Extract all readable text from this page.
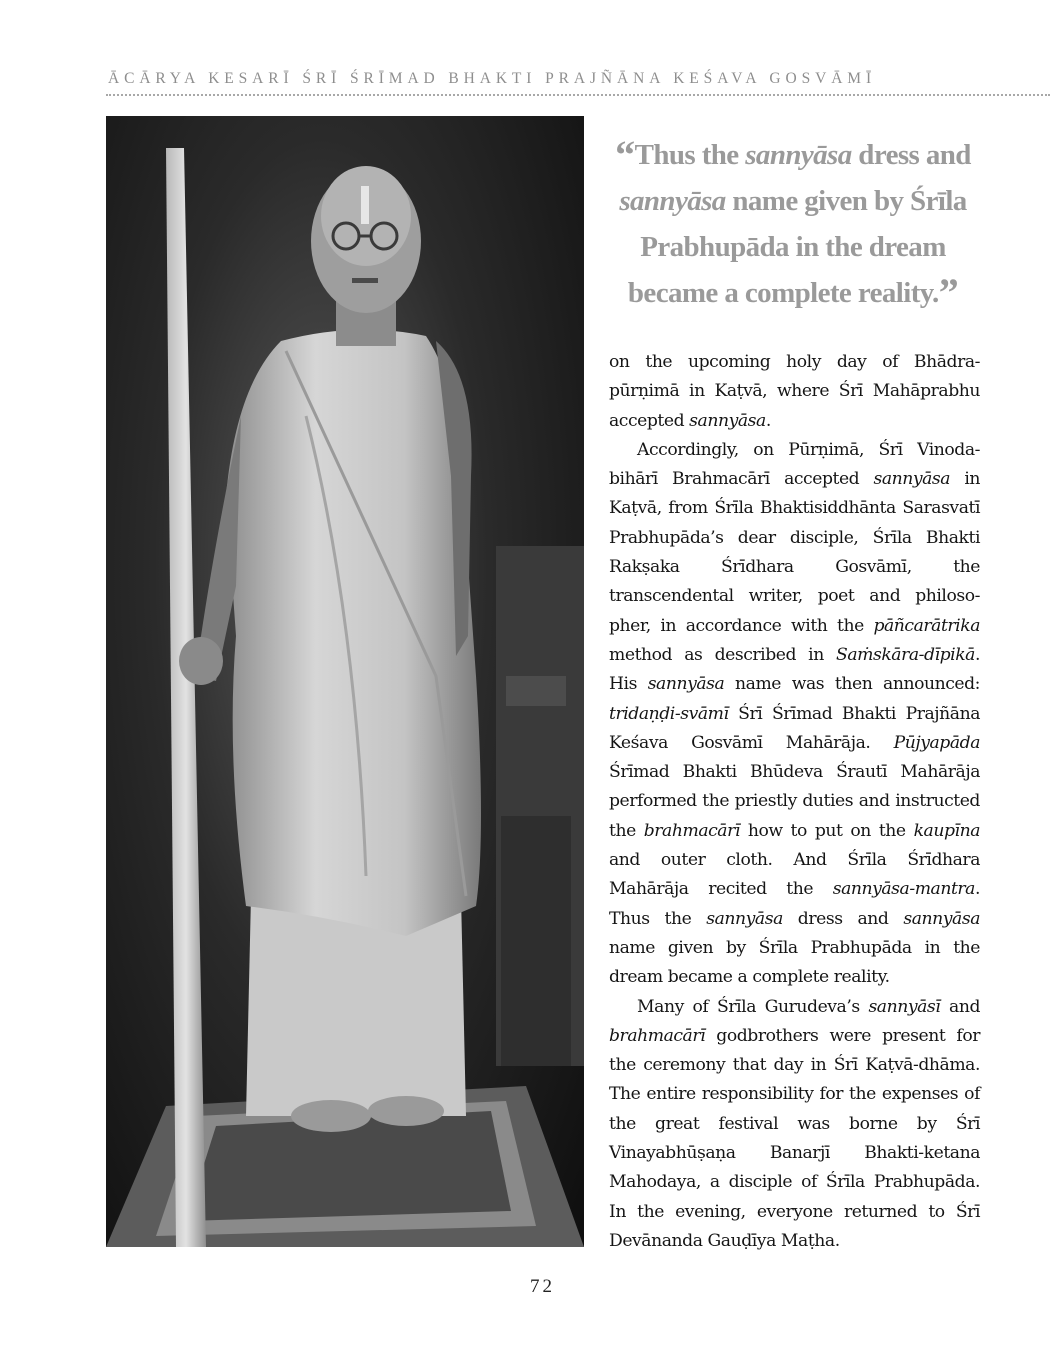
ĀCĀRYA KESARĪ ŚRĪ ŚRĪMAD BHAKTI PRAJÑĀNA KEŚAVA GOSVĀMĪ
“Thus the sannyāsa dress and sannyāsa name given by Śrīla Prabhupāda in the dream became a complete reality.”

on the upcoming holy day of Bhādra-pūrṇimā in Kaṭvā, where Śrī Mahāprabhu accepted sannyāsa.

Accordingly, on Pūrṇimā, Śrī Vinoda-bihārī Brahmacārī accepted sannyāsa in Kaṭvā, from Śrīla Bhaktisiddhānta Sarasvatī Prabhupāda’s dear disciple, Śrīla Bhakti Rakṣaka Śrīdhara Gosvāmī, the transcendental writer, poet and philoso-pher, in accordance with the pāñcarātrika method as described in Saṁskāra-dīpikā. His sannyāsa name was then announced: tridaṇḍi-svāmī Śrī Śrīmad Bhakti Prajñāna Keśava Gosvāmī Mahārāja. Pūjyapāda Śrīmad Bhakti Bhūdeva Śrautī Mahārāja performed the priestly duties and instructed the brahmacārī how to put on the kaupīna and outer cloth. And Śrīla Śrīdhara Mahārāja recited the sannyāsa-mantra. Thus the sannyāsa dress and sannyāsa name given by Śrīla Prabhupāda in the dream became a complete reality.

Many of Śrīla Gurudeva’s sannyāsī and brahmacārī godbrothers were present for the ceremony that day in Śrī Kaṭvā-dhāma. The entire responsibility for the expenses of the great festival was borne by Śrī Vinayabhūṣaṇa Banarjī Bhakti-ketana Mahodaya, a disciple of Śrīla Prabhupāda. In the evening, everyone returned to Śrī Devānanda Gauḍīya Maṭha.

72
